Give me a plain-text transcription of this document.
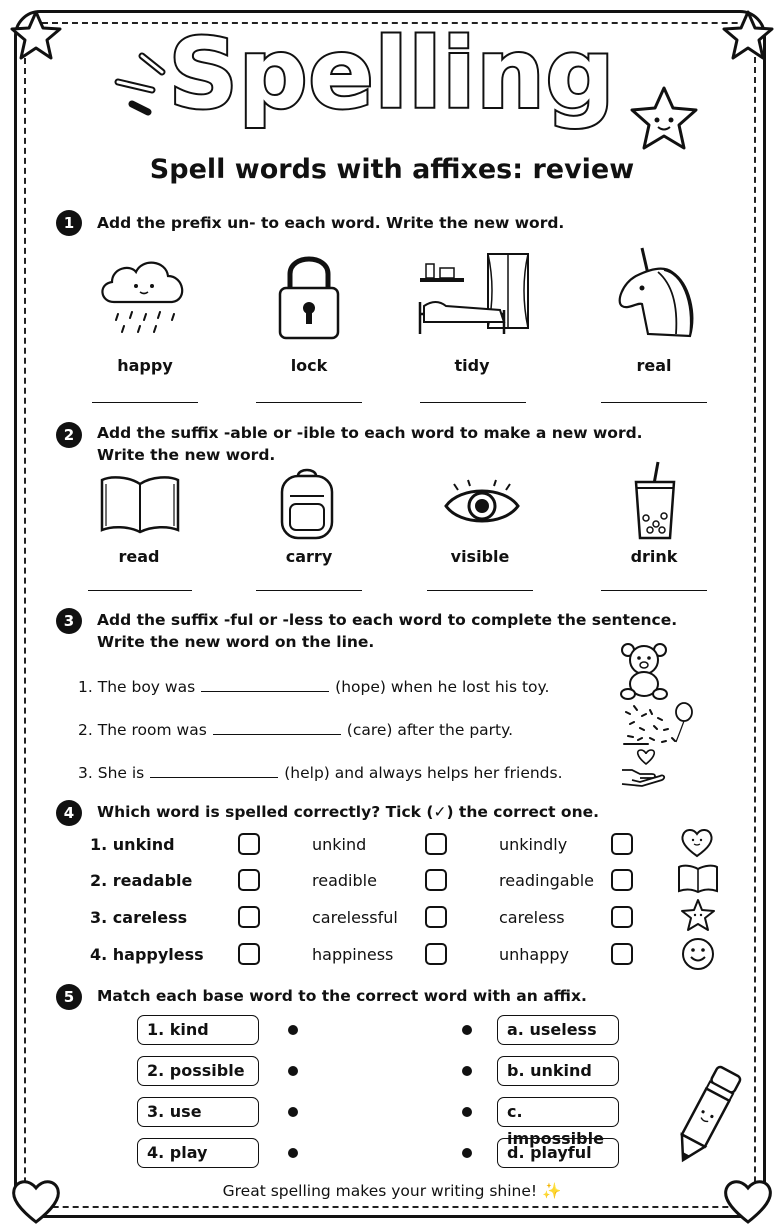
Spelling
Spell words with affixes: review
1	Add the prefix un- to each word. Write the new word.
happy	lock	tidy	real
2	Add the suffix -able or -ible to each word to make a new word.
Write the new word.
read	carry	visible	drink
3	Add the suffix -ful or -less to each word to complete the sentence.
Write the new word on the line.
1. The boy was	(hope) when he lost his toy.
2. The room was	(care) after the party.
3. She is	(help) and always helps her friends.
4	Which word is spelled correctly? Tick (✓) the correct one.
1. unkind	unkind	unkindly
2. readable	readible	readingable
3. careless	carelessful	careless
4. happyless	happiness	unhappy
5	Match each base word to the correct word with an affix.
1. kind
2. possible
3. use
4. play
a. useless
b. unkind
c. impossible
d. playful
Great spelling makes your writing shine! ✨
